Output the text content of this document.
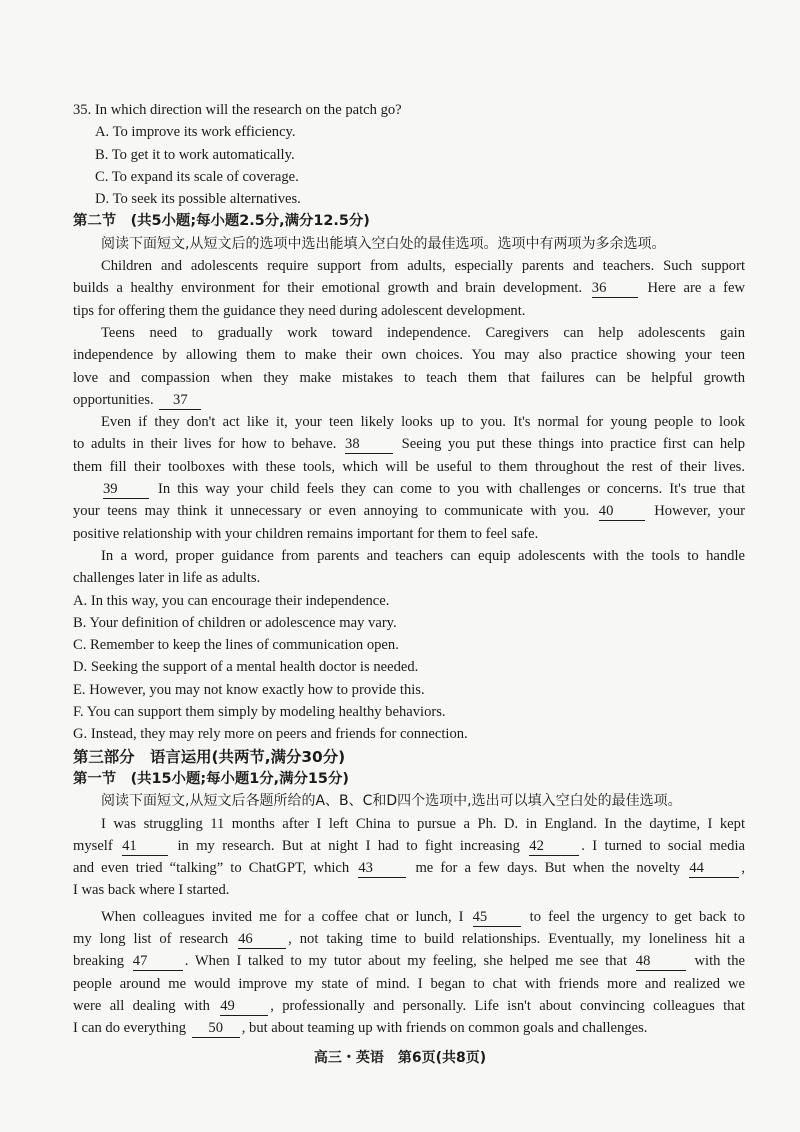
35. In which direction will the research on the patch go?
A. To improve its work efficiency.
B. To get it to work automatically.
C. To expand its scale of coverage.
D. To seek its possible alternatives.
第二节　(共5小题;每小题2.5分,满分12.5分)
阅读下面短文,从短文后的选项中选出能填入空白处的最佳选项。选项中有两项为多余选项。
Children and adolescents require support from adults, especially parents and teachers. Such support
builds a healthy environment for their emotional growth and brain development. 36	Here are a few
tips for offering them the guidance they need during adolescent development.
Teens need to gradually work toward independence. Caregivers can help adolescents gain
independence by allowing them to make their own choices. You may also practice showing your teen
love and compassion when they make mistakes to teach them that failures can be helpful growth
opportunities. 37
Even if they don't act like it, your teen likely looks up to you. It's normal for young people to look
to adults in their lives for how to behave. 38	Seeing you put these things into practice first can help
them fill their toolboxes with these tools, which will be useful to them throughout the rest of their lives.
39	In this way your child feels they can come to you with challenges or concerns. It's true that
your teens may think it unnecessary or even annoying to communicate with you. 40	However, your
positive relationship with your children remains important for them to feel safe.
In a word, proper guidance from parents and teachers can equip adolescents with the tools to handle
challenges later in life as adults.
A. In this way, you can encourage their independence.
B. Your definition of children or adolescence may vary.
C. Remember to keep the lines of communication open.
D. Seeking the support of a mental health doctor is needed.
E. However, you may not know exactly how to provide this.
F. You can support them simply by modeling healthy behaviors.
G. Instead, they may rely more on peers and friends for connection.
第三部分　语言运用(共两节,满分30分)
第一节　(共15小题;每小题1分,满分15分)
阅读下面短文,从短文后各题所给的A、B、C和D四个选项中,选出可以填入空白处的最佳选项。
I was struggling 11 months after I left China to pursue a Ph. D. in England. In the daytime, I kept
myself 41	in my research. But at night I had to fight increasing 42	. I turned to social media
and even tried “talking” to ChatGPT, which 43	me for a few days. But when the novelty 44	,
I was back where I started.
When colleagues invited me for a coffee chat or lunch, I 45	to feel the urgency to get back to
my long list of research 46 , not taking time to build relationships. Eventually, my loneliness hit a
breaking 47	. When I talked to my tutor about my feeling, she helped me see that 48	with the
people around me would improve my state of mind. I began to chat with friends more and realized we
were all dealing with 49 , professionally and personally. Life isn't about convincing colleagues that
I can do everything 50 , but about teaming up with friends on common goals and challenges.
高三・英语　第6页(共8页)
